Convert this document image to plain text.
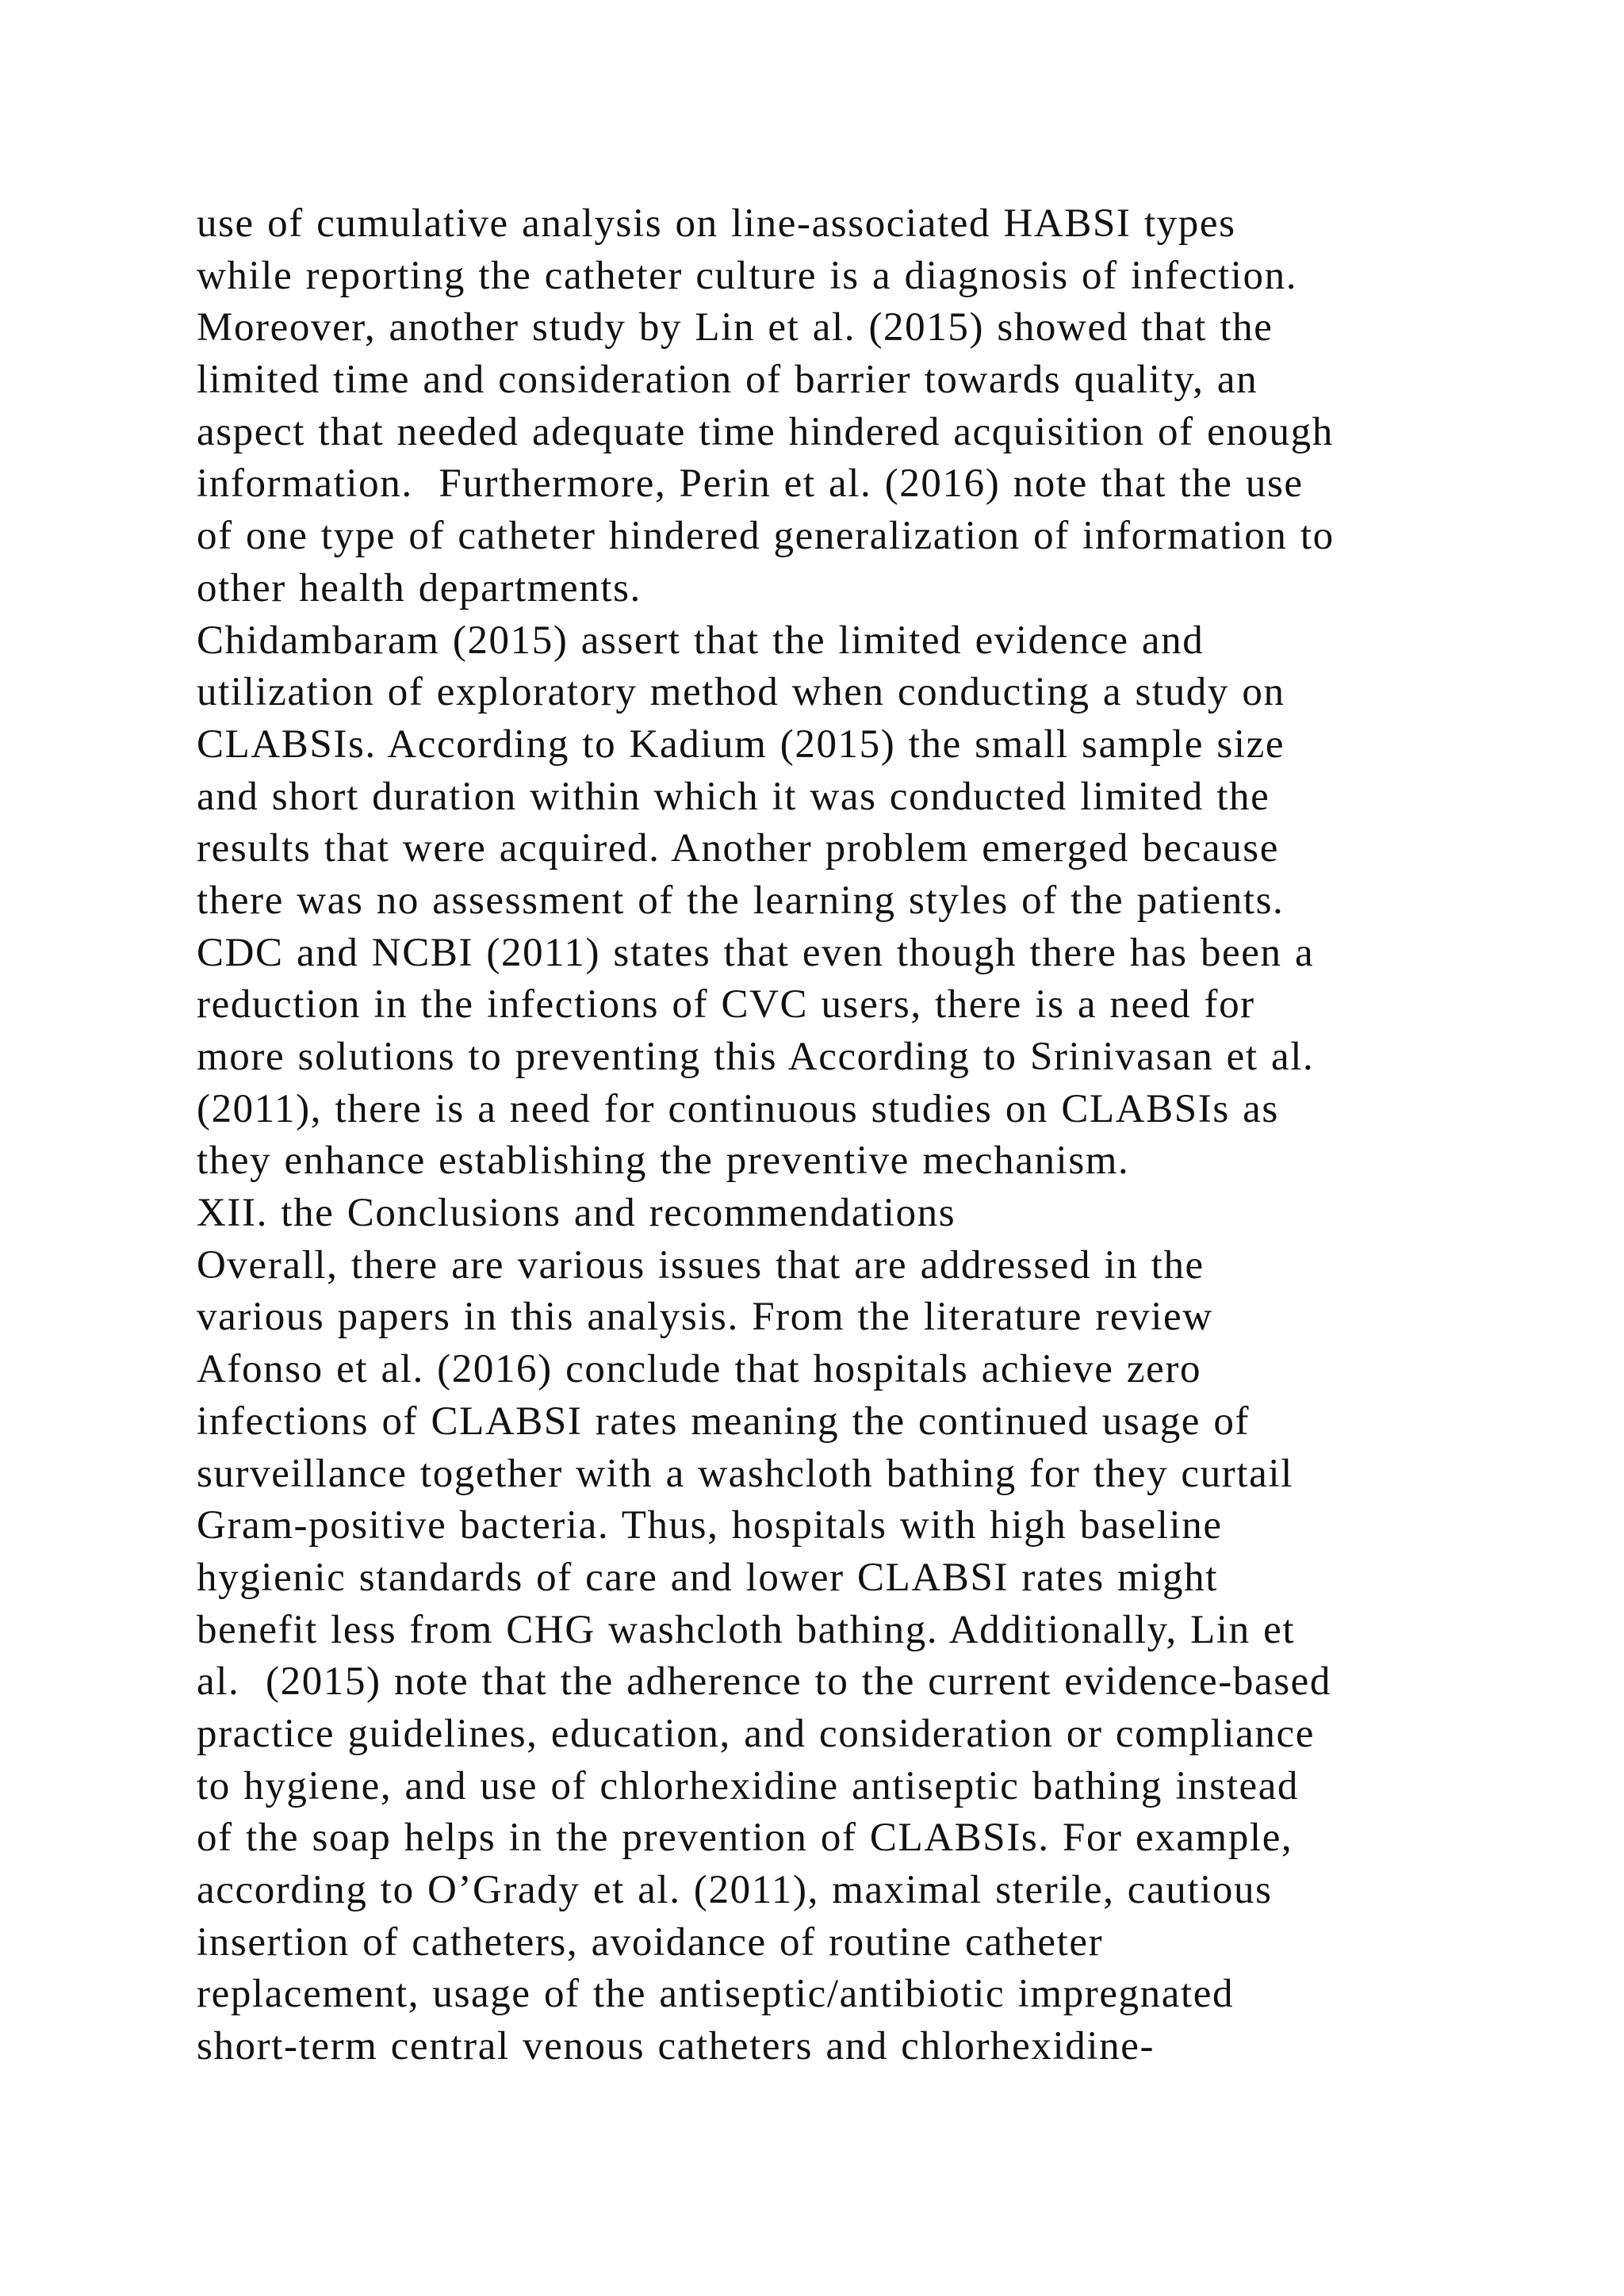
use of cumulative analysis on line-associated HABSI types
while reporting the catheter culture is a diagnosis of infection.
Moreover, another study by Lin et al. (2015) showed that the
limited time and consideration of barrier towards quality, an
aspect that needed adequate time hindered acquisition of enough
information.  Furthermore, Perin et al. (2016) note that the use
of one type of catheter hindered generalization of information to
other health departments.
Chidambaram (2015) assert that the limited evidence and
utilization of exploratory method when conducting a study on
CLABSIs. According to Kadium (2015) the small sample size
and short duration within which it was conducted limited the
results that were acquired. Another problem emerged because
there was no assessment of the learning styles of the patients.
CDC and NCBI (2011) states that even though there has been a
reduction in the infections of CVC users, there is a need for
more solutions to preventing this According to Srinivasan et al.
(2011), there is a need for continuous studies on CLABSIs as
they enhance establishing the preventive mechanism.
XII. the Conclusions and recommendations
Overall, there are various issues that are addressed in the
various papers in this analysis. From the literature review
Afonso et al. (2016) conclude that hospitals achieve zero
infections of CLABSI rates meaning the continued usage of
surveillance together with a washcloth bathing for they curtail
Gram-positive bacteria. Thus, hospitals with high baseline
hygienic standards of care and lower CLABSI rates might
benefit less from CHG washcloth bathing. Additionally, Lin et
al.  (2015) note that the adherence to the current evidence-based
practice guidelines, education, and consideration or compliance
to hygiene, and use of chlorhexidine antiseptic bathing instead
of the soap helps in the prevention of CLABSIs. For example,
according to O’Grady et al. (2011), maximal sterile, cautious
insertion of catheters, avoidance of routine catheter
replacement, usage of the antiseptic/antibiotic impregnated
short-term central venous catheters and chlorhexidine-
